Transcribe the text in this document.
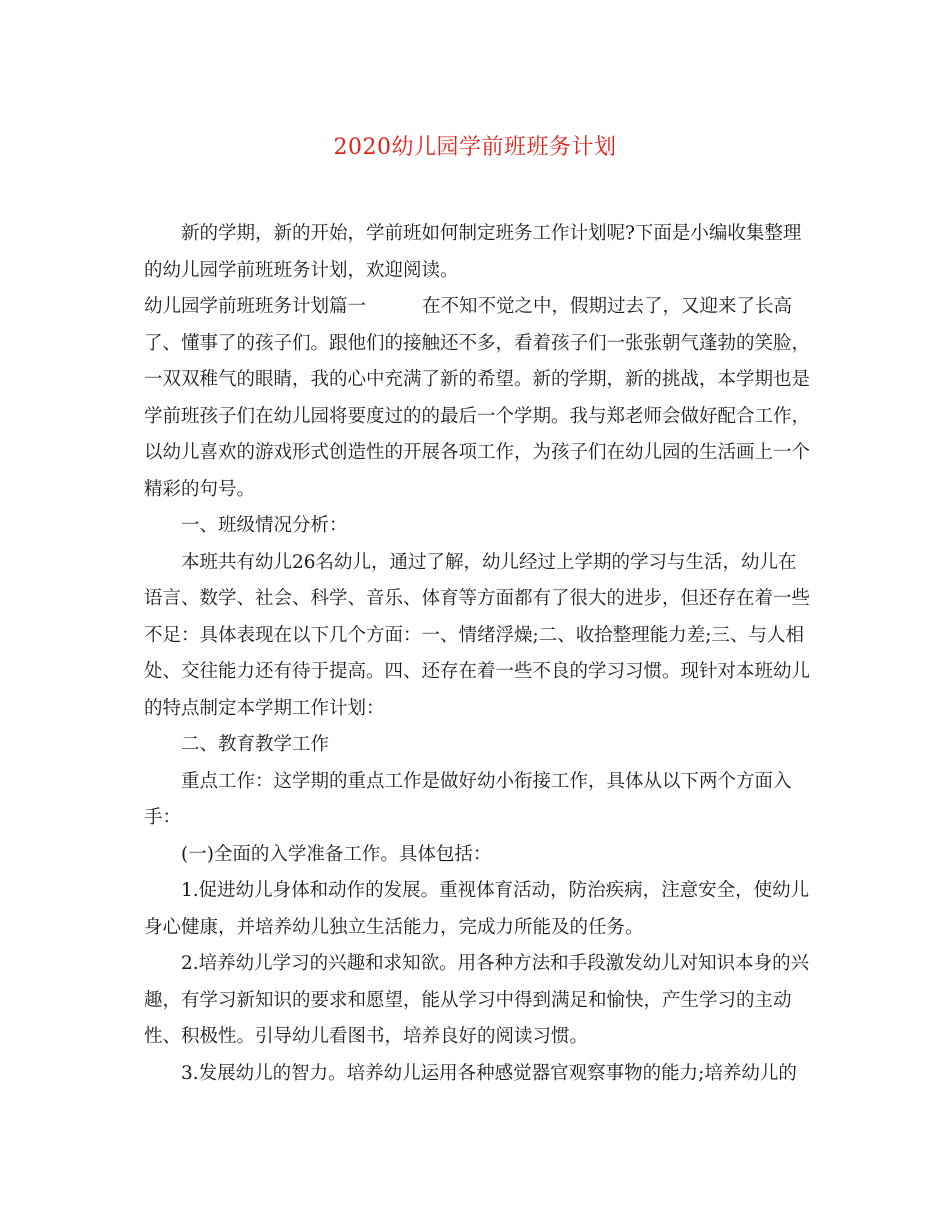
2020幼儿园学前班班务计划

新的学期，新的开始，学前班如何制定班务工作计划呢?下面是小编收集整理的幼儿园学前班班务计划，欢迎阅读。

幼儿园学前班班务计划篇一	在不知不觉之中，假期过去了，又迎来了长高了、懂事了的孩子们。跟他们的接触还不多，看着孩子们一张张朝气蓬勃的笑脸，一双双稚气的眼睛，我的心中充满了新的希望。新的学期，新的挑战，本学期也是学前班孩子们在幼儿园将要度过的的最后一个学期。我与郑老师会做好配合工作，以幼儿喜欢的游戏形式创造性的开展各项工作，为孩子们在幼儿园的生活画上一个精彩的句号。

一、班级情况分析：

本班共有幼儿26名幼儿，通过了解，幼儿经过上学期的学习与生活，幼儿在语言、数学、社会、科学、音乐、体育等方面都有了很大的进步，但还存在着一些不足：具体表现在以下几个方面：一、情绪浮燥;二、收拾整理能力差;三、与人相处、交往能力还有待于提高。四、还存在着一些不良的学习习惯。现针对本班幼儿的特点制定本学期工作计划：

二、教育教学工作

重点工作：这学期的重点工作是做好幼小衔接工作，具体从以下两个方面入手：

(一)全面的入学准备工作。具体包括：

1.促进幼儿身体和动作的发展。重视体育活动，防治疾病，注意安全，使幼儿身心健康，并培养幼儿独立生活能力，完成力所能及的任务。

2.培养幼儿学习的兴趣和求知欲。用各种方法和手段激发幼儿对知识本身的兴趣，有学习新知识的要求和愿望，能从学习中得到满足和愉快，产生学习的主动性、积极性。引导幼儿看图书，培养良好的阅读习惯。

3.发展幼儿的智力。培养幼儿运用各种感觉器官观察事物的能力;培养幼儿的
